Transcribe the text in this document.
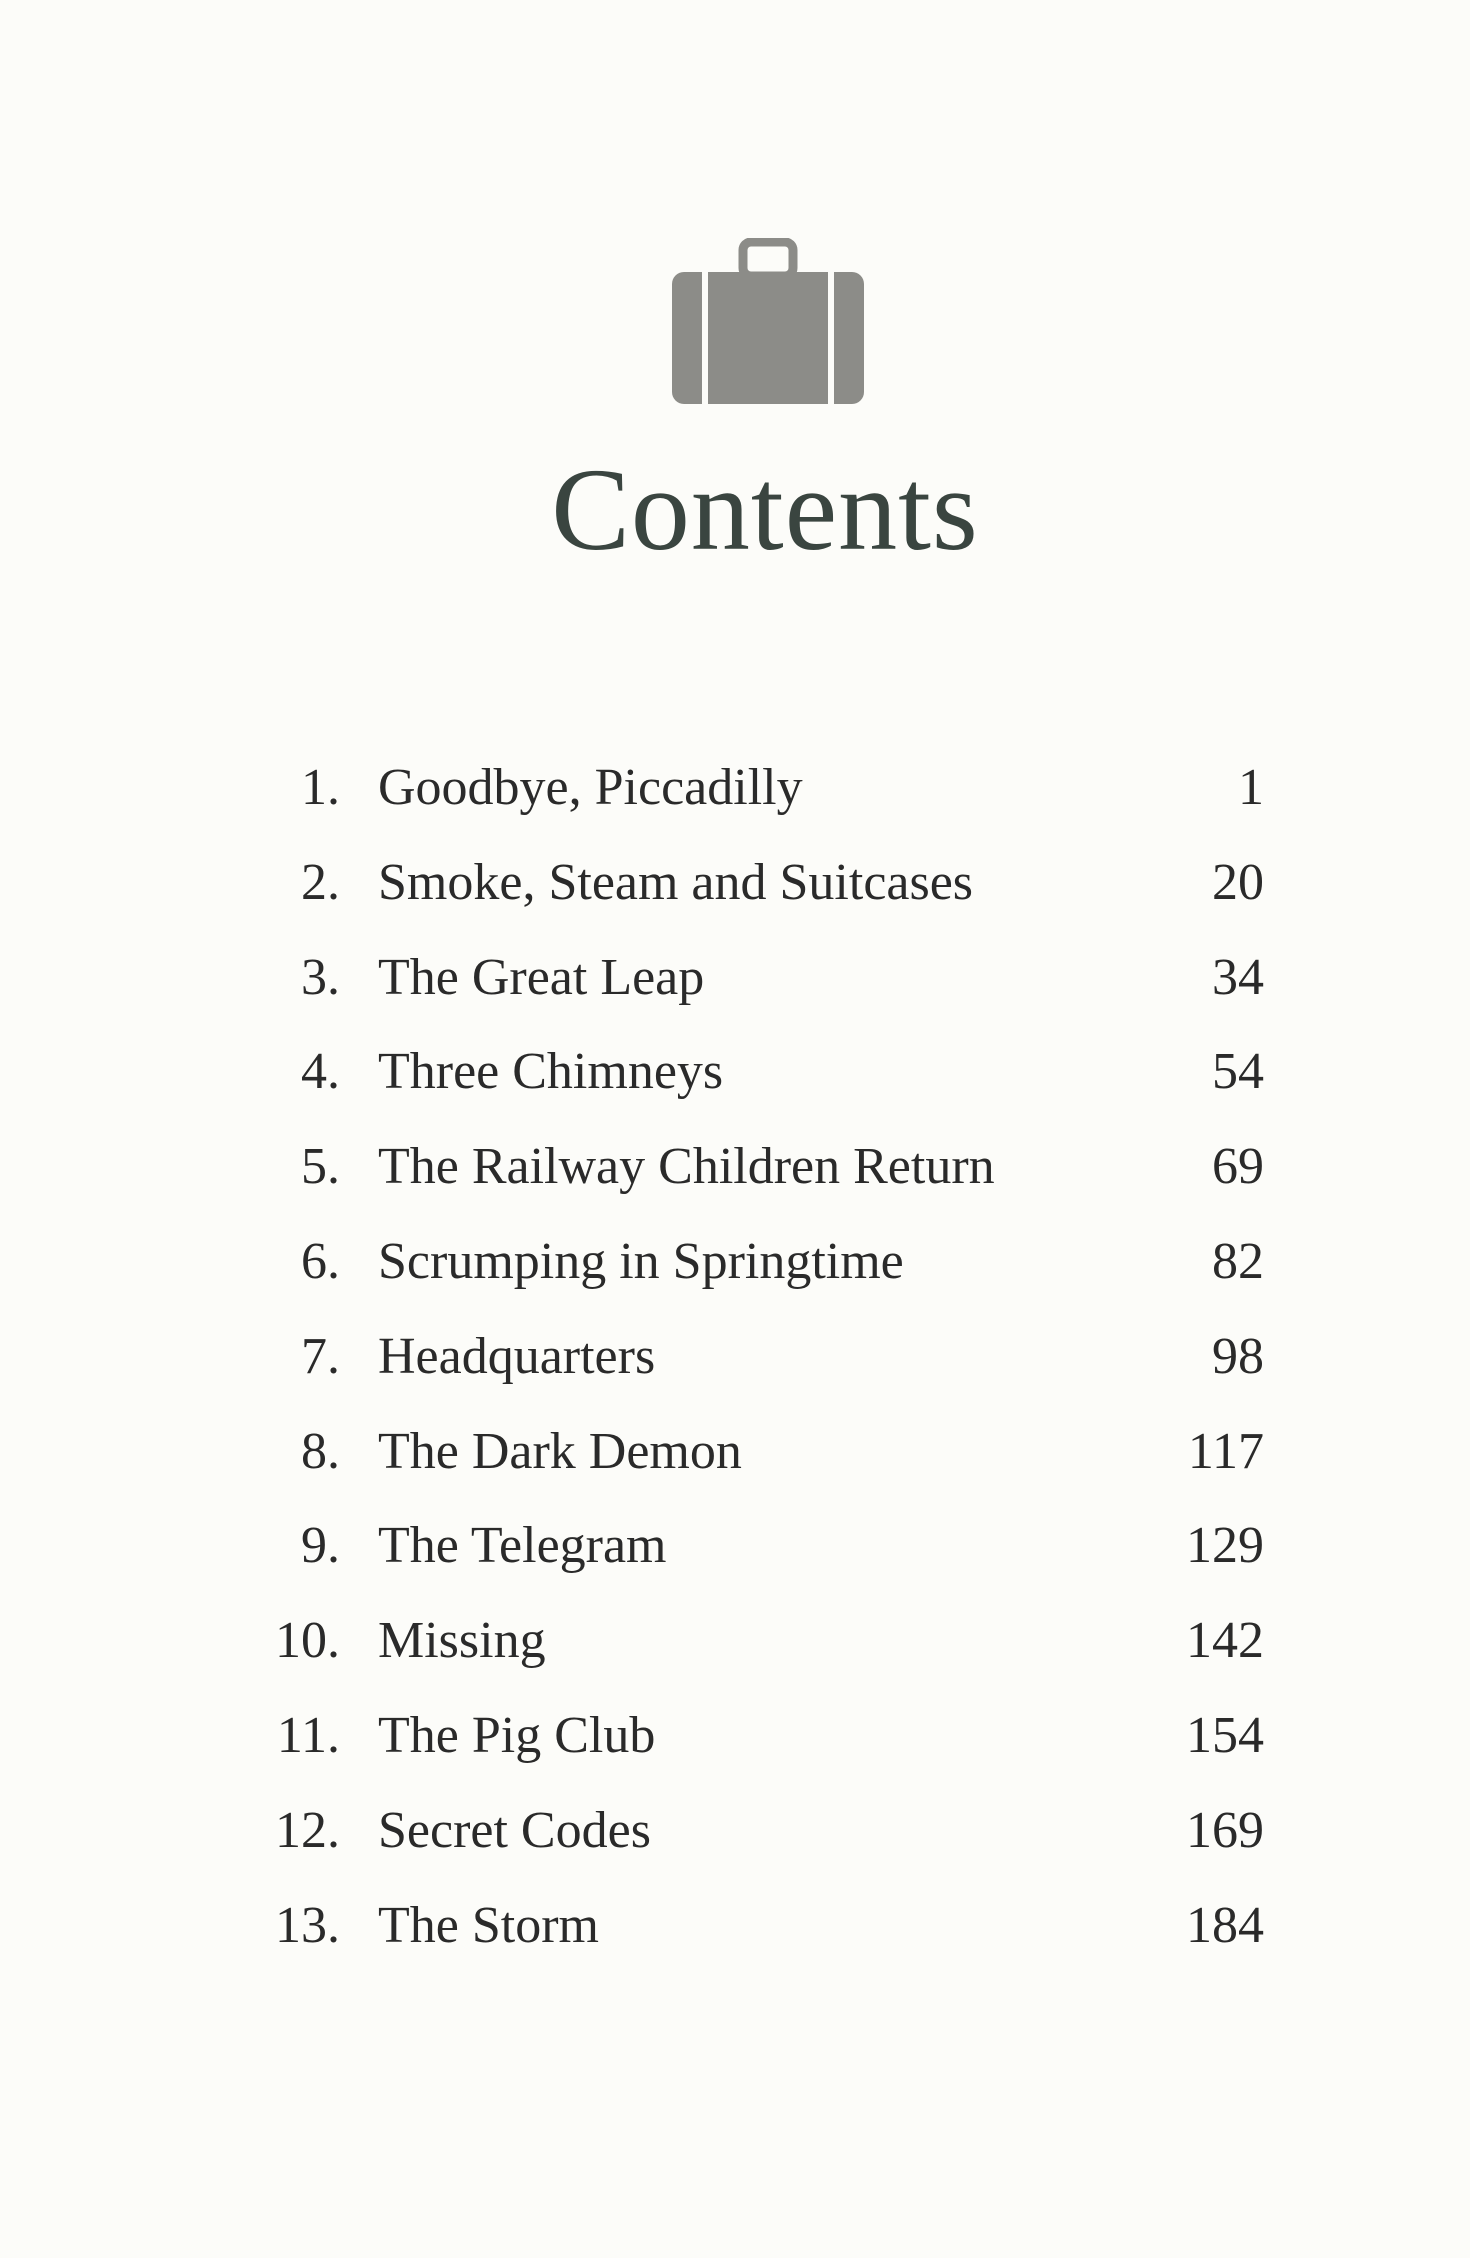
Contents
1. Goodbye, Piccadilly	1
2. Smoke, Steam and Suitcases	20
3. The Great Leap	34
4. Three Chimneys	54
5. The Railway Children Return	69
6. Scrumping in Springtime	82
7. Headquarters	98
8. The Dark Demon	117
9. The Telegram	129
10. Missing	142
11. The Pig Club	154
12. Secret Codes	169
13. The Storm	184
